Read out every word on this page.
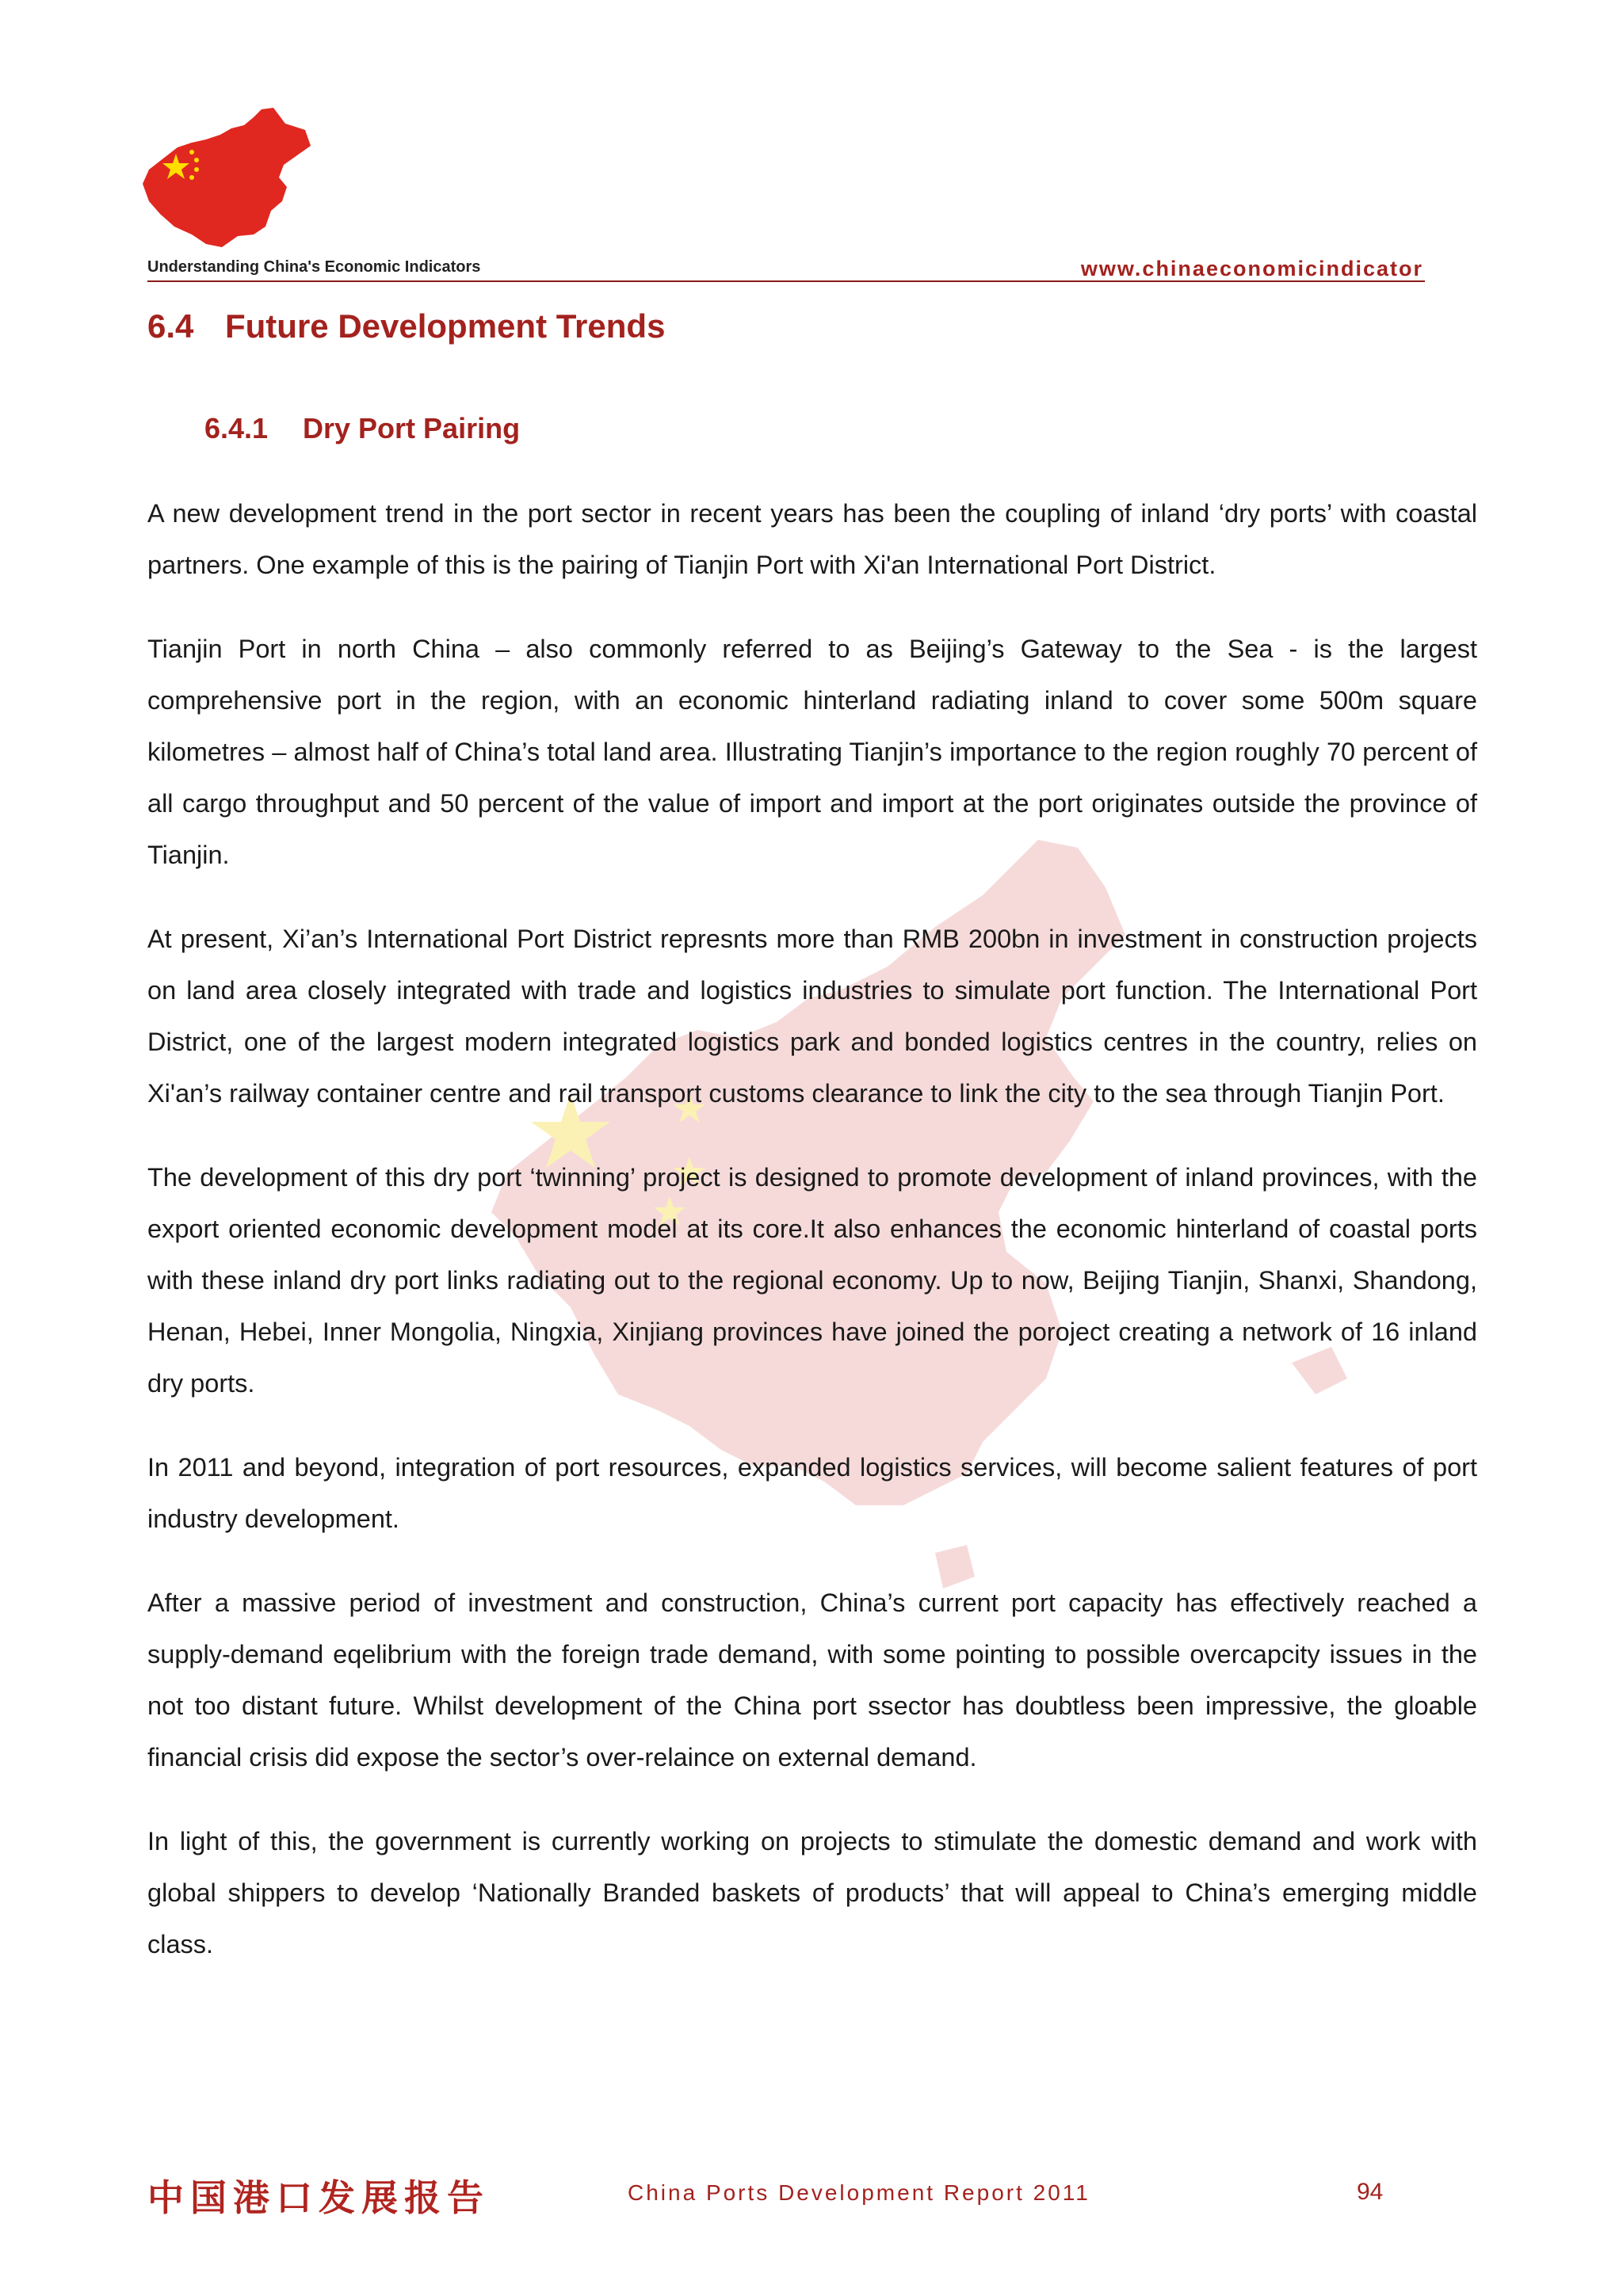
Understanding China's Economic Indicators	www.chinaeconomicindicator
6.4 Future Development Trends
6.4.1 Dry Port Pairing

A new development trend in the port sector in recent years has been the coupling of inland ‘dry ports’ with coastal partners. One example of this is the pairing of Tianjin Port with Xi'an International Port District.

Tianjin Port in north China – also commonly referred to as Beijing’s Gateway to the Sea - is the largest comprehensive port in the region, with an economic hinterland radiating inland to cover some 500m square kilometres – almost half of China’s total land area. Illustrating Tianjin’s importance to the region roughly 70 percent of all cargo throughput and 50 percent of the value of import and import at the port originates outside the province of Tianjin.

At present, Xi’an’s International Port District represnts more than RMB 200bn in investment in construction projects on land area closely integrated with trade and logistics industries to simulate port function. The International Port District, one of the largest modern integrated logistics park and bonded logistics centres in the country, relies on Xi'an’s railway container centre and rail transport customs clearance to link the city to the sea through Tianjin Port.

The development of this dry port ‘twinning’ project is designed to promote development of inland provinces, with the export oriented economic development model at its core.It also enhances the economic hinterland of coastal ports with these inland dry port links radiating out to the regional economy. Up to now, Beijing Tianjin, Shanxi, Shandong, Henan, Hebei, Inner Mongolia, Ningxia, Xinjiang provinces have joined the poroject creating a network of 16 inland dry ports.

In 2011 and beyond, integration of port resources, expanded logistics services, will become salient features of port industry development.

After a massive period of investment and construction, China’s current port capacity has effectively reached a supply-demand eqelibrium with the foreign trade demand, with some pointing to possible overcapcity issues in the not too distant future. Whilst development of the China port ssector has doubtless been impressive, the gloable financial crisis did expose the sector’s over-relaince on external demand.

In light of this, the government is currently working on projects to stimulate the domestic demand and work with global shippers to develop ‘Nationally Branded baskets of products’ that will appeal to China’s emerging middle class.

中国港口发展报告	China Ports Development Report 2011	94
